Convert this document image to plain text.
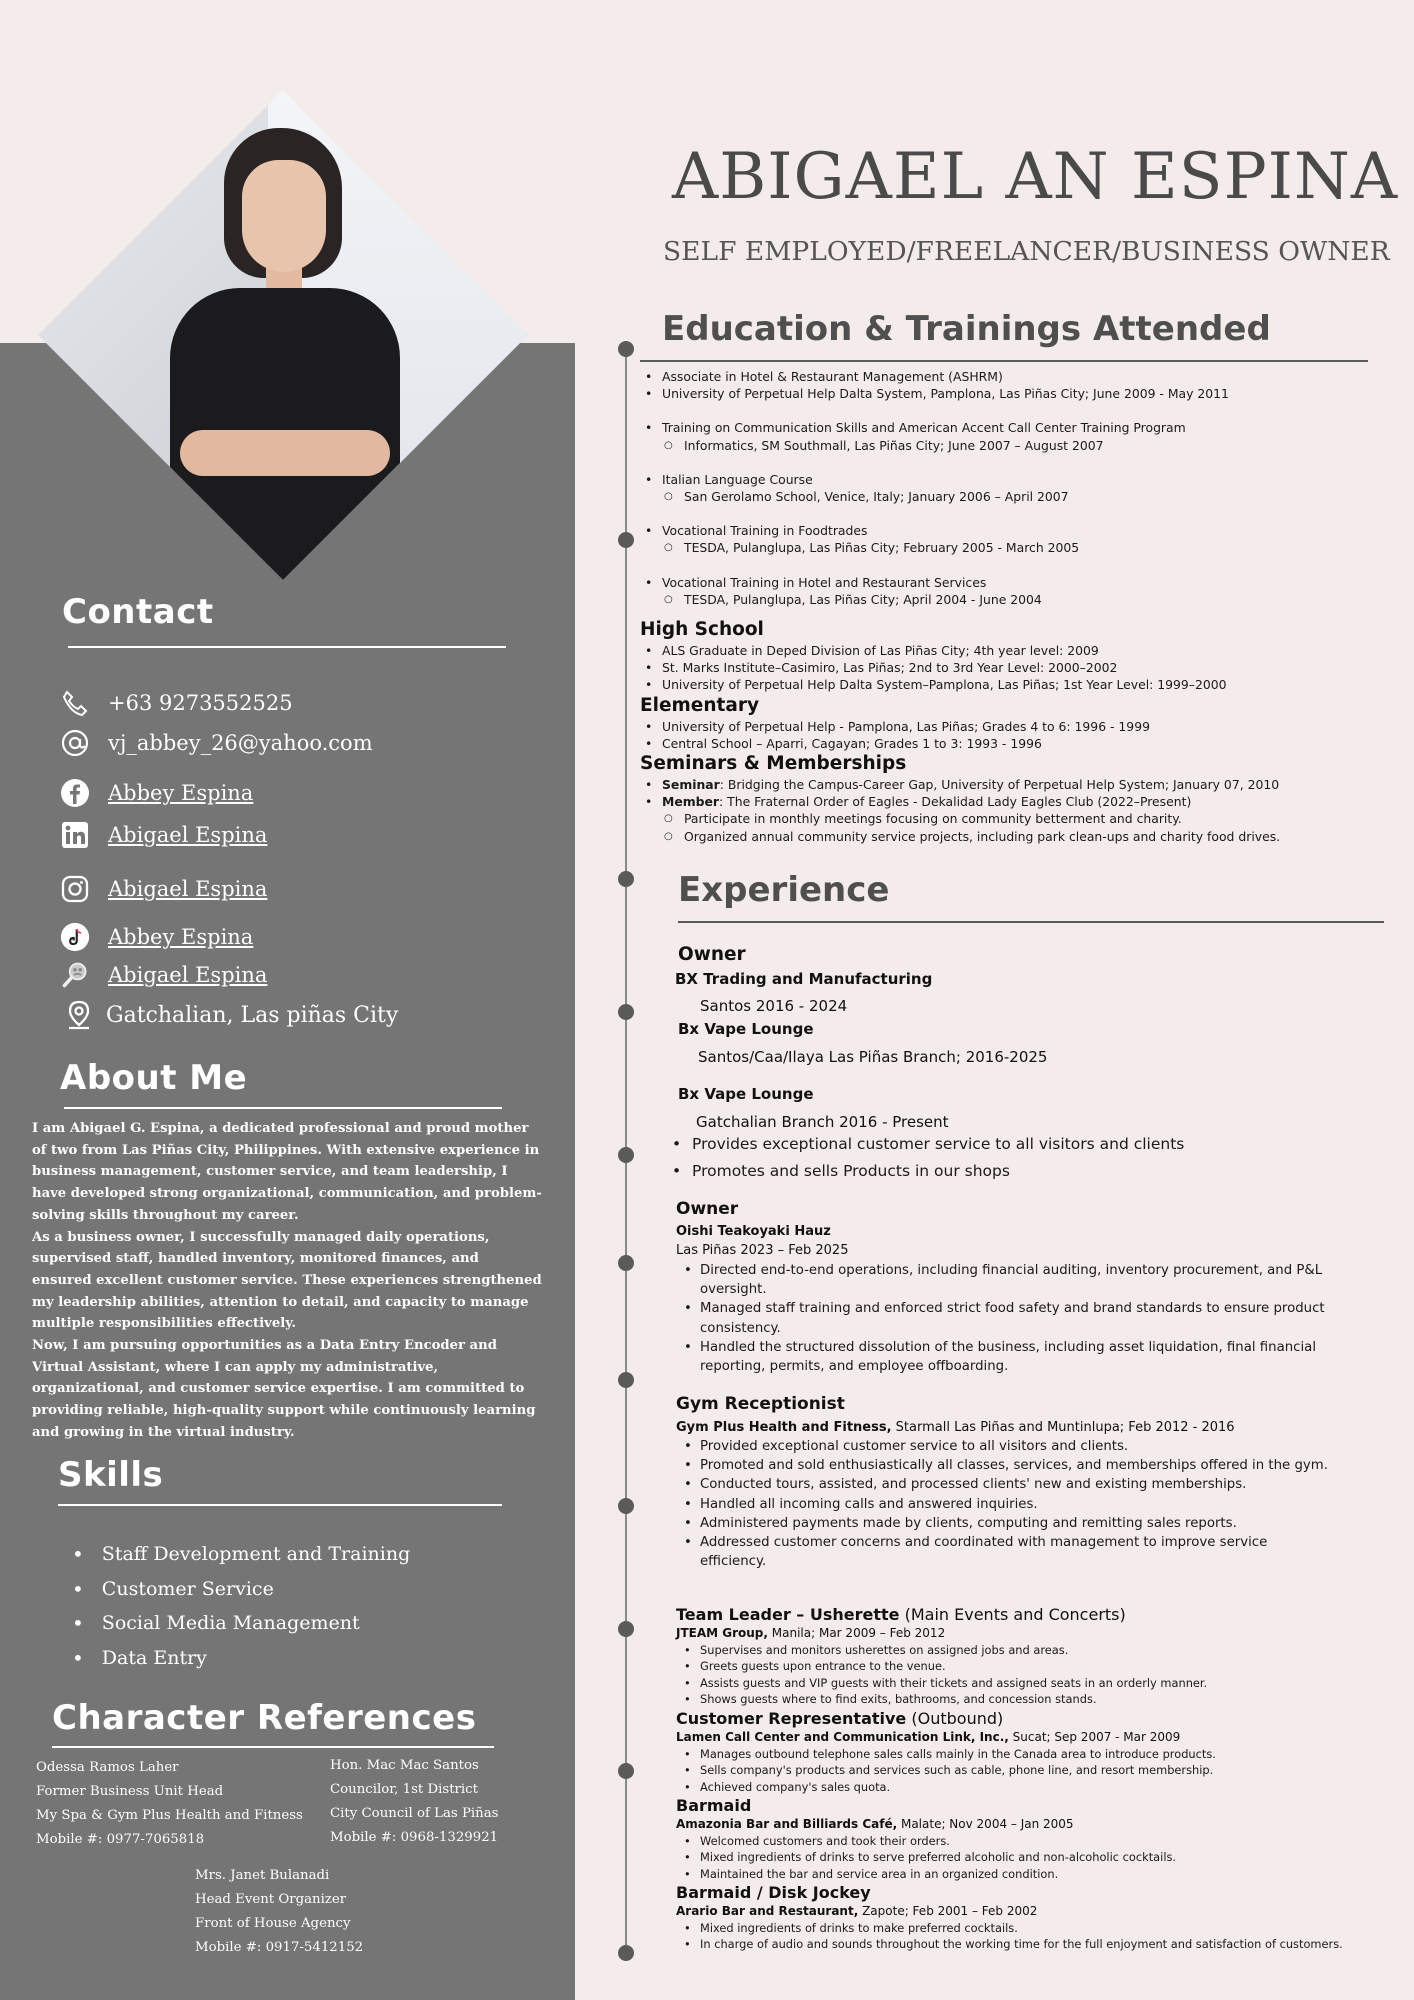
Contact
+63 9273552525
vj_abbey_26@yahoo.com
Abbey Espina
Abigael Espina
Abigael Espina
Abbey Espina
Abigael Espina
Gatchalian, Las piñas City
About Me

I am Abigael G. Espina, a dedicated professional and proud mother of two from Las Piñas City, Philippines. With extensive experience in business management, customer service, and team leadership, I have developed strong organizational, communication, and problem-solving skills throughout my career.

As a business owner, I successfully managed daily operations, supervised staff, handled inventory, monitored finances, and ensured excellent customer service. These experiences strengthened my leadership abilities, attention to detail, and capacity to manage multiple responsibilities effectively.

Now, I am pursuing opportunities as a Data Entry Encoder and Virtual Assistant, where I can apply my administrative, organizational, and customer service expertise. I am committed to providing reliable, high-quality support while continuously learning and growing in the virtual industry.

Skills
• Staff Development and Training
• Customer Service
• Social Media Management
• Data Entry
Character References
Odessa Ramos Laher
Former Business Unit Head
My Spa & Gym Plus Health and Fitness
Mobile #: 0977-7065818
Hon. Mac Mac Santos
Councilor, 1st District
City Council of Las Piñas
Mobile #: 0968-1329921
Mrs. Janet Bulanadi
Head Event Organizer
Front of House Agency
Mobile #: 0917-5412152
ABIGAEL AN ESPINA
SELF EMPLOYED/FREELANCER/BUSINESS OWNER
Education & Trainings Attended
• Associate in Hotel & Restaurant Management (ASHRM)
• University of Perpetual Help Dalta System, Pamplona, Las Piñas City; June 2009 - May 2011
• Training on Communication Skills and American Accent Call Center Training Program
○ Informatics, SM Southmall, Las Piñas City; June 2007 – August 2007
• Italian Language Course
○ San Gerolamo School, Venice, Italy; January 2006 – April 2007
• Vocational Training in Foodtrades
○ TESDA, Pulanglupa, Las Piñas City; February 2005 - March 2005
• Vocational Training in Hotel and Restaurant Services
○ TESDA, Pulanglupa, Las Piñas City; April 2004 - June 2004
High School
• ALS Graduate in Deped Division of Las Piñas City; 4th year level: 2009
• St. Marks Institute–Casimiro, Las Piñas; 2nd to 3rd Year Level: 2000–2002
• University of Perpetual Help Dalta System–Pamplona, Las Piñas; 1st Year Level: 1999–2000
Elementary
• University of Perpetual Help - Pamplona, Las Piñas; Grades 4 to 6: 1996 - 1999
• Central School – Aparri, Cagayan; Grades 1 to 3: 1993 - 1996
Seminars & Memberships
• Seminar: Bridging the Campus-Career Gap, University of Perpetual Help System; January 07, 2010
• Member: The Fraternal Order of Eagles - Dekalidad Lady Eagles Club (2022–Present)
○ Participate in monthly meetings focusing on community betterment and charity.
○ Organized annual community service projects, including park clean-ups and charity food drives.
Experience
Owner
BX Trading and Manufacturing
Santos 2016 - 2024
Bx Vape Lounge
Santos/Caa/Ilaya Las Piñas Branch; 2016-2025
Bx Vape Lounge
Gatchalian Branch 2016 - Present
• Provides exceptional customer service to all visitors and clients
• Promotes and sells Products in our shops
Owner
Oishi Teakoyaki Hauz
Las Piñas 2023 – Feb 2025
• Directed end-to-end operations, including financial auditing, inventory procurement, and P&L
oversight.
• Managed staff training and enforced strict food safety and brand standards to ensure product
consistency.
• Handled the structured dissolution of the business, including asset liquidation, final financial
reporting, permits, and employee offboarding.
Gym Receptionist
Gym Plus Health and Fitness, Starmall Las Piñas and Muntinlupa; Feb 2012 - 2016
• Provided exceptional customer service to all visitors and clients.
• Promoted and sold enthusiastically all classes, services, and memberships offered in the gym.
• Conducted tours, assisted, and processed clients' new and existing memberships.
• Handled all incoming calls and answered inquiries.
• Administered payments made by clients, computing and remitting sales reports.
• Addressed customer concerns and coordinated with management to improve service
efficiency.
Team Leader – Usherette (Main Events and Concerts)
JTEAM Group, Manila; Mar 2009 – Feb 2012
• Supervises and monitors usherettes on assigned jobs and areas.
• Greets guests upon entrance to the venue.
• Assists guests and VIP guests with their tickets and assigned seats in an orderly manner.
• Shows guests where to find exits, bathrooms, and concession stands.
Customer Representative (Outbound)
Lamen Call Center and Communication Link, Inc., Sucat; Sep 2007 - Mar 2009
• Manages outbound telephone sales calls mainly in the Canada area to introduce products.
• Sells company's products and services such as cable, phone line, and resort membership.
• Achieved company's sales quota.
Barmaid
Amazonia Bar and Billiards Café, Malate; Nov 2004 – Jan 2005
• Welcomed customers and took their orders.
• Mixed ingredients of drinks to serve preferred alcoholic and non-alcoholic cocktails.
• Maintained the bar and service area in an organized condition.
Barmaid / Disk Jockey
Arario Bar and Restaurant, Zapote; Feb 2001 – Feb 2002
• Mixed ingredients of drinks to make preferred cocktails.
• In charge of audio and sounds throughout the working time for the full enjoyment and satisfaction of customers.
